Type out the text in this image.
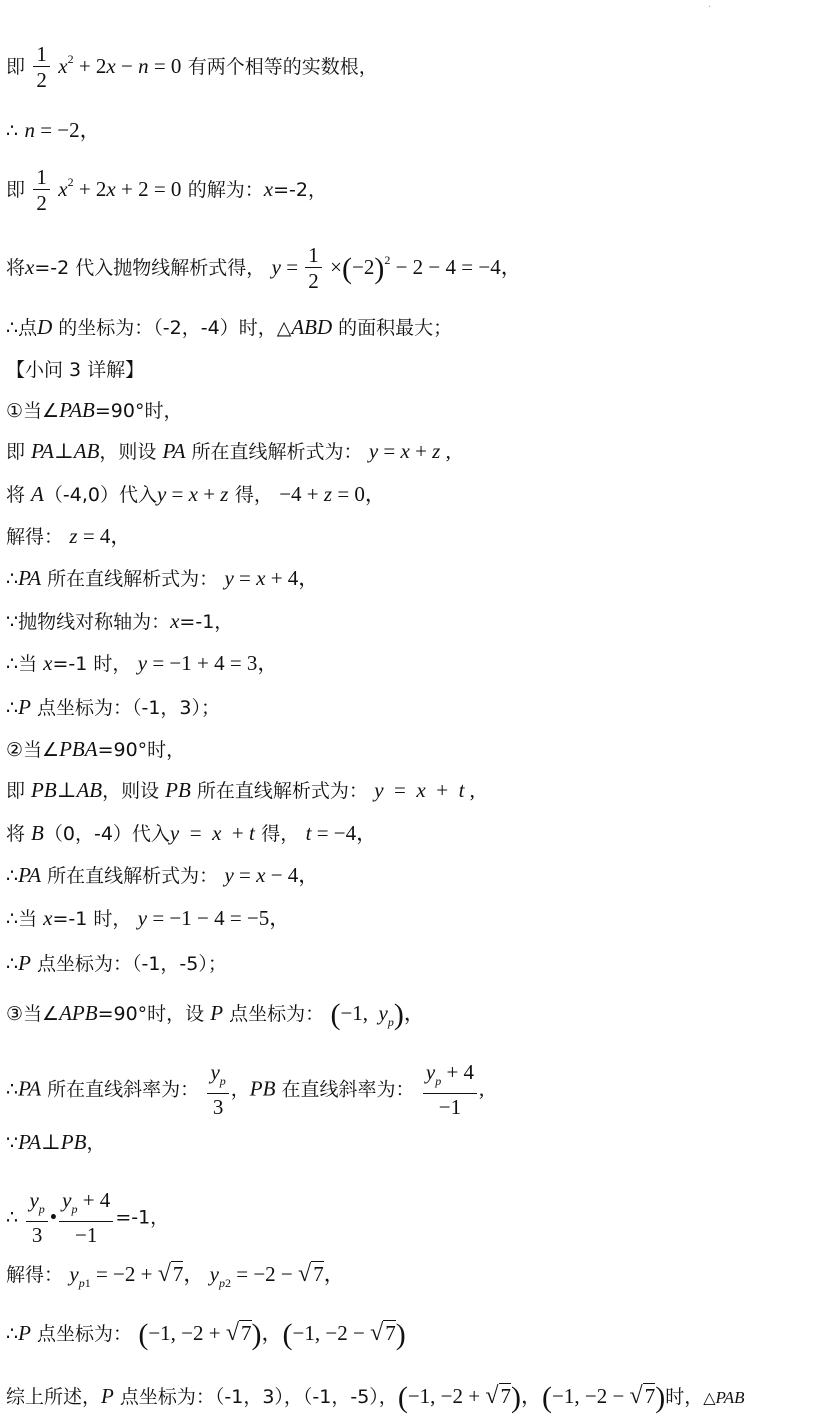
·
即 $\frac{1}{2} x^2 + 2x - n = 0$ 有两个相等的实数根，
∴ n = −2，
即 $\frac{1}{2} x^2 + 2x + 2 = 0$ 的解为：x=-2，
将x=-2 代入抛物线解析式得， $y = \frac{1}{2} \times(-2)^2 - 2 - 4 = -4$，
∴点D 的坐标为：（-2，-4）时，△ABD 的面积最大；
【小问 3 详解】
①当∠PAB=90°时，
即 PA⊥AB，则设 PA 所在直线解析式为： y = x + z ,
将 A（-4,0）代入y = x + z 得， −4 + z = 0，
解得： z = 4，
∴PA 所在直线解析式为： y = x + 4，
∵抛物线对称轴为：x=-1，
∴当 x=-1 时， y = −1 + 4 = 3，
∴P 点坐标为：（-1，3）；
②当∠PBA=90°时，
即 PB⊥AB，则设 PB 所在直线解析式为： y  =  x  +  t ,
将 B（0，-4）代入y  =  x  + t 得， t = −4，
∴PA 所在直线解析式为： y = x − 4，
∴当 x=-1 时， y = −1 − 4 = −5，
∴P 点坐标为：（-1，-5）；
③当∠APB=90°时，设 P 点坐标为： (−1,  $y_p$)，
∴PA 所在直线斜率为： $\frac{y_p}{3}$ ，PB 在直线斜率为： $\frac{y_p + 4}{-1}$ ,
∵PA⊥PB，
∴ $\frac{y_p}{3}$ • $\frac{y_p + 4}{-1} =-1$，
解得： $y_{p1} = -2 + √7$， $y_{p2} = -2 - √7$，
∴P 点坐标为： (−1, −2 + √7)，(−1, −2 − √7)
综上所述，P 点坐标为：（-1，3），（-1，-5），(−1, −2 + √7)，(−1, −2 − √7)时，△PAB
